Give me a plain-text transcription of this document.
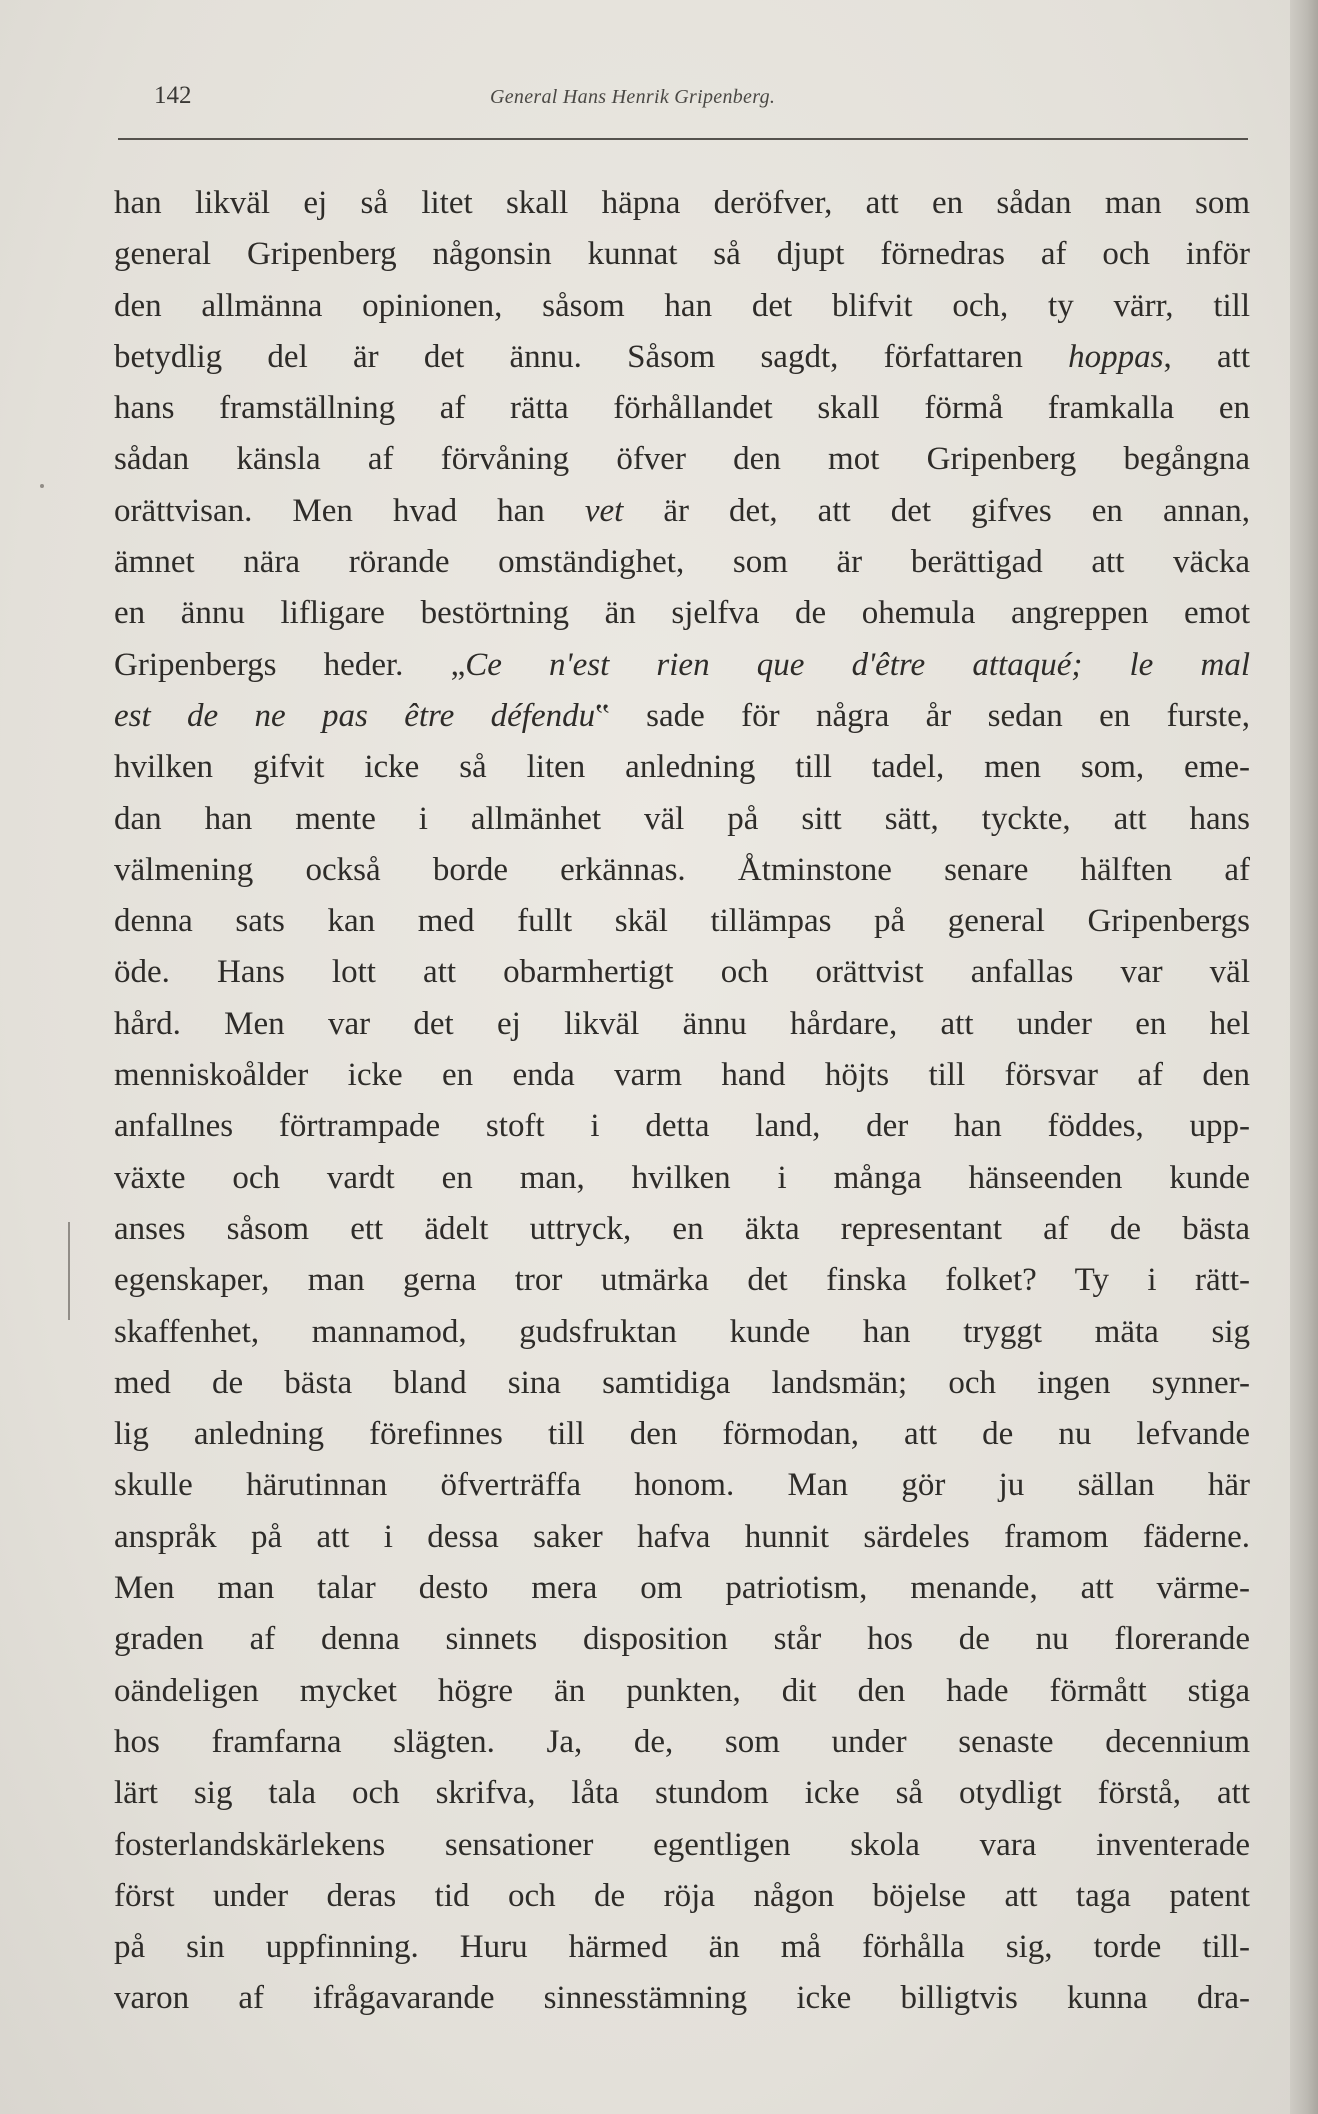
142	General Hans Henrik Gripenberg.
han likväl ej så litet skall häpna deröfver, att en sådan man som
general Gripenberg någonsin kunnat så djupt förnedras af och inför
den allmänna opinionen, såsom han det blifvit och, ty värr, till
betydlig del är det ännu. Såsom sagdt, författaren hoppas, att
hans framställning af rätta förhållandet skall förmå framkalla en
sådan känsla af förvåning öfver den mot Gripenberg begångna
orättvisan. Men hvad han vet är det, att det gifves en annan,
ämnet nära rörande omständighet, som är berättigad att väcka
en ännu lifligare bestörtning än sjelfva de ohemula angreppen emot
Gripenbergs heder. „Ce n'est rien que d'être attaqué; le mal
est de ne pas être défendu‟ sade för några år sedan en furste,
hvilken gifvit icke så liten anledning till tadel, men som, eme-
dan han mente i allmänhet väl på sitt sätt, tyckte, att hans
välmening också borde erkännas. Åtminstone senare hälften af
denna sats kan med fullt skäl tillämpas på general Gripenbergs
öde. Hans lott att obarmhertigt och orättvist anfallas var väl
hård. Men var det ej likväl ännu hårdare, att under en hel
menniskoålder icke en enda varm hand höjts till försvar af den
anfallnes förtrampade stoft i detta land, der han föddes, upp-
växte och vardt en man, hvilken i många hänseenden kunde
anses såsom ett ädelt uttryck, en äkta representant af de bästa
egenskaper, man gerna tror utmärka det finska folket? Ty i rätt-
skaffenhet, mannamod, gudsfruktan kunde han tryggt mäta sig
med de bästa bland sina samtidiga landsmän; och ingen synner-
lig anledning förefinnes till den förmodan, att de nu lefvande
skulle härutinnan öfverträffa honom. Man gör ju sällan här
anspråk på att i dessa saker hafva hunnit särdeles framom fäderne.
Men man talar desto mera om patriotism, menande, att värme-
graden af denna sinnets disposition står hos de nu florerande
oändeligen mycket högre än punkten, dit den hade förmått stiga
hos framfarna slägten. Ja, de, som under senaste decennium
lärt sig tala och skrifva, låta stundom icke så otydligt förstå, att
fosterlandskärlekens sensationer egentligen skola vara inventerade
först under deras tid och de röja någon böjelse att taga patent
på sin uppfinning. Huru härmed än må förhålla sig, torde till-
varon af ifrågavarande sinnesstämning icke billigtvis kunna dra-
